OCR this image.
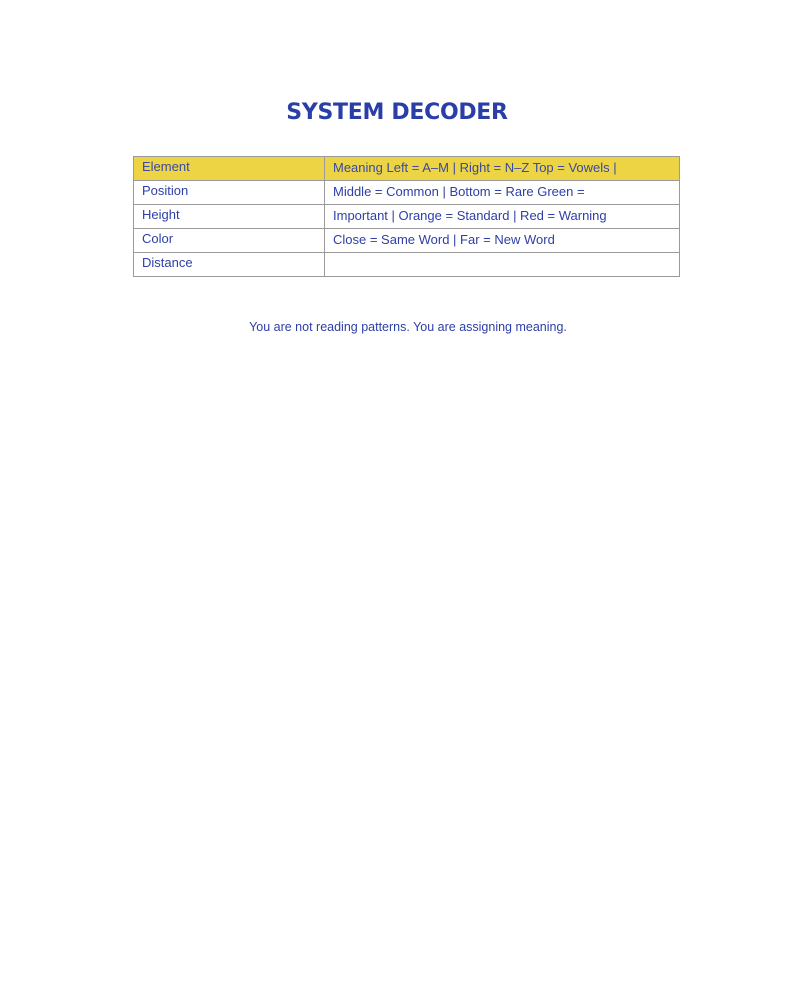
SYSTEM DECODER
Element	Meaning Left = A–M | Right = N–Z Top = Vowels |
Position	Middle = Common | Bottom = Rare Green =
Height	Important | Orange = Standard | Red = Warning
Color	Close = Same Word | Far = New Word
Distance	
You are not reading patterns. You are assigning meaning.
